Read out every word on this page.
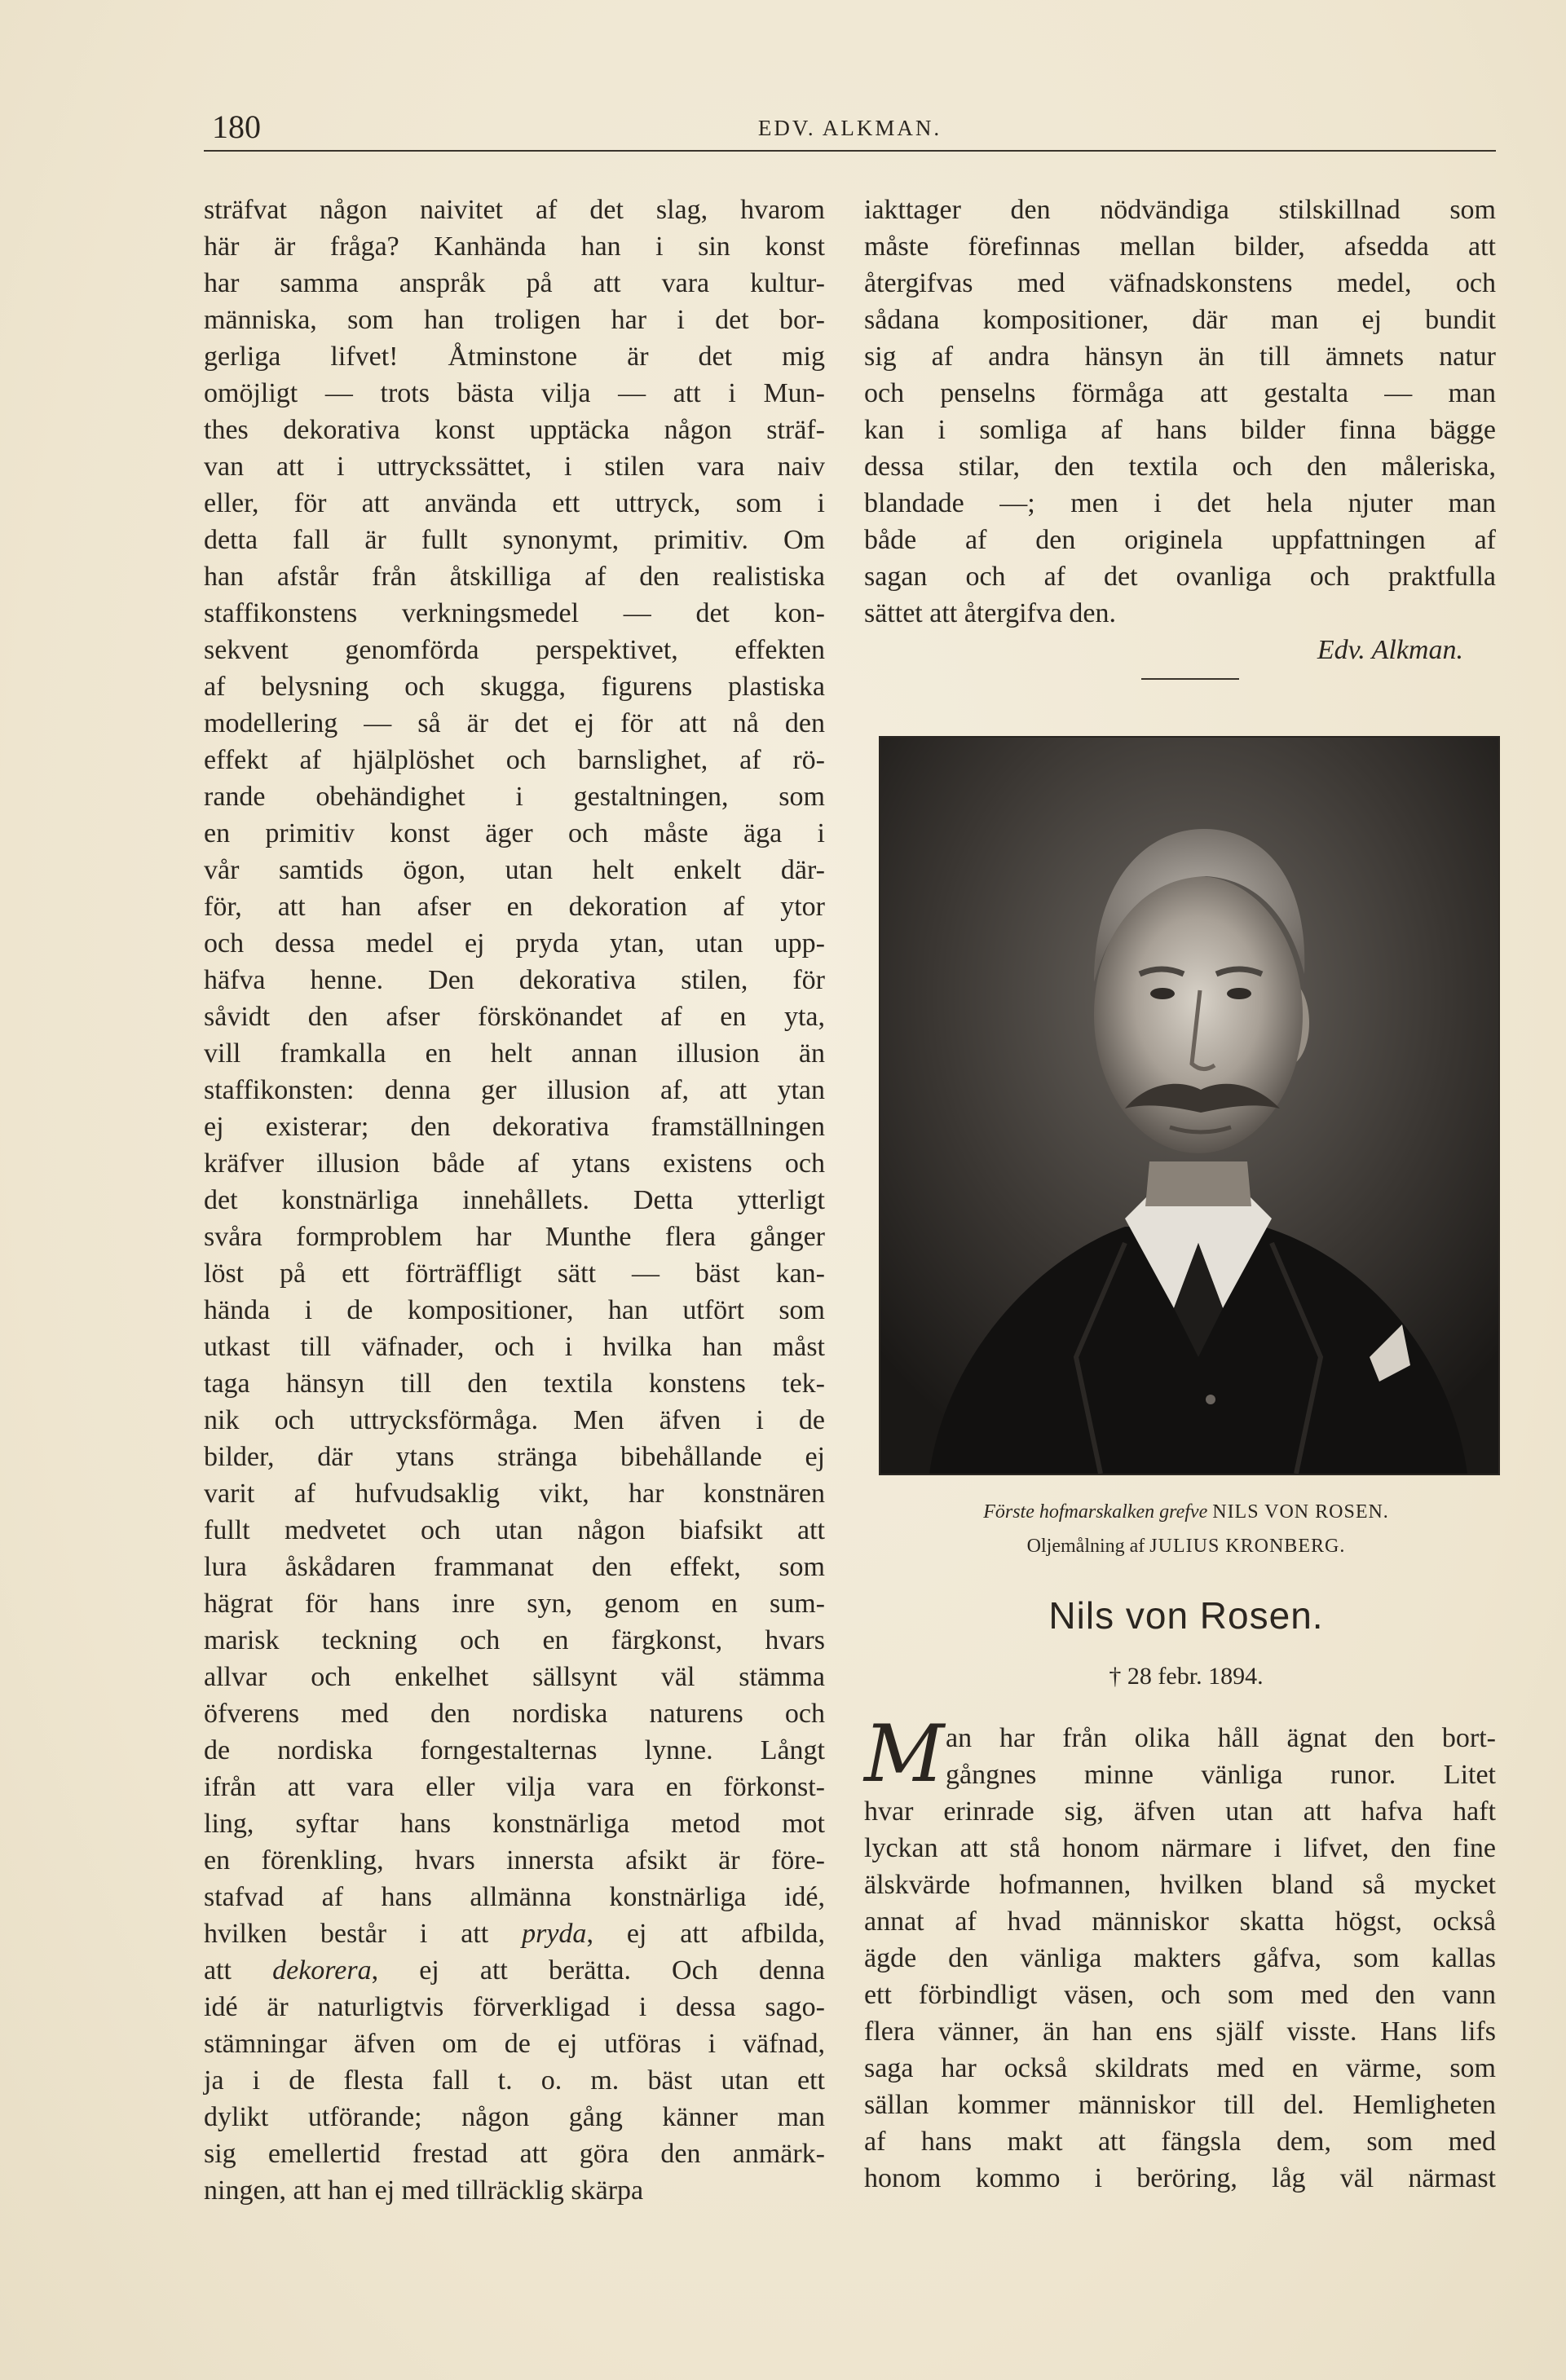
180	EDV. ALKMAN.
sträfvat någon naivitet af det slag, hvarom
här är fråga? Kanhända han i sin konst
har samma anspråk på att vara kultur-
människa, som han troligen har i det bor-
gerliga lifvet! Åtminstone är det mig
omöjligt — trots bästa vilja — att i Mun-
thes dekorativa konst upptäcka någon sträf-
van att i uttryckssättet, i stilen vara naiv
eller, för att använda ett uttryck, som i
detta fall är fullt synonymt, primitiv. Om
han afstår från åtskilliga af den realistiska
staffikonstens verkningsmedel — det kon-
sekvent genomförda perspektivet, effekten
af belysning och skugga, figurens plastiska
modellering — så är det ej för att nå den
effekt af hjälplöshet och barnslighet, af rö-
rande obehändighet i gestaltningen, som
en primitiv konst äger och måste äga i
vår samtids ögon, utan helt enkelt där-
för, att han afser en dekoration af ytor
och dessa medel ej pryda ytan, utan upp-
häfva henne. Den dekorativa stilen, för
såvidt den afser förskönandet af en yta,
vill framkalla en helt annan illusion än
staffikonsten: denna ger illusion af, att ytan
ej existerar; den dekorativa framställningen
kräfver illusion både af ytans existens och
det konstnärliga innehållets. Detta ytterligt
svåra formproblem har Munthe flera gånger
löst på ett förträffligt sätt — bäst kan-
hända i de kompositioner, han utfört som
utkast till väfnader, och i hvilka han måst
taga hänsyn till den textila konstens tek-
nik och uttrycksförmåga. Men äfven i de
bilder, där ytans stränga bibehållande ej
varit af hufvudsaklig vikt, har konstnären
fullt medvetet och utan någon biafsikt att
lura åskådaren frammanat den effekt, som
hägrat för hans inre syn, genom en sum-
marisk teckning och en färgkonst, hvars
allvar och enkelhet sällsynt väl stämma
öfverens med den nordiska naturens och
de nordiska forngestalternas lynne. Långt
ifrån att vara eller vilja vara en förkonst-
ling, syftar hans konstnärliga metod mot
en förenkling, hvars innersta afsikt är före-
stafvad af hans allmänna konstnärliga idé,
hvilken består i att pryda, ej att afbilda,
att dekorera, ej att berätta. Och denna
idé är naturligtvis förverkligad i dessa sago-
stämningar äfven om de ej utföras i väfnad,
ja i de flesta fall t. o. m. bäst utan ett
dylikt utförande; någon gång känner man
sig emellertid frestad att göra den anmärk-
ningen, att han ej med tillräcklig skärpa
iakttager den nödvändiga stilskillnad som
måste förefinnas mellan bilder, afsedda att
återgifvas med väfnadskonstens medel, och
sådana kompositioner, där man ej bundit
sig af andra hänsyn än till ämnets natur
och penselns förmåga att gestalta — man
kan i somliga af hans bilder finna bägge
dessa stilar, den textila och den måleriska,
blandade —; men i det hela njuter man
både af den originela uppfattningen af
sagan och af det ovanliga och praktfulla
sättet att återgifva den.
Edv. Alkman.
Förste hofmarskalken grefve NILS VON ROSEN.
Oljemålning af JULIUS KRONBERG.
Nils von Rosen.
† 28 febr. 1894.
M an har från olika håll ägnat den bort-
gångnes minne vänliga runor. Litet
hvar erinrade sig, äfven utan att hafva haft
lyckan att stå honom närmare i lifvet, den fine
älskvärde hofmannen, hvilken bland så mycket
annat af hvad människor skatta högst, också
ägde den vänliga makters gåfva, som kallas
ett förbindligt väsen, och som med den vann
flera vänner, än han ens själf visste. Hans lifs
saga har också skildrats med en värme, som
sällan kommer människor till del. Hemligheten
af hans makt att fängsla dem, som med
honom kommo i beröring, låg väl närmast
